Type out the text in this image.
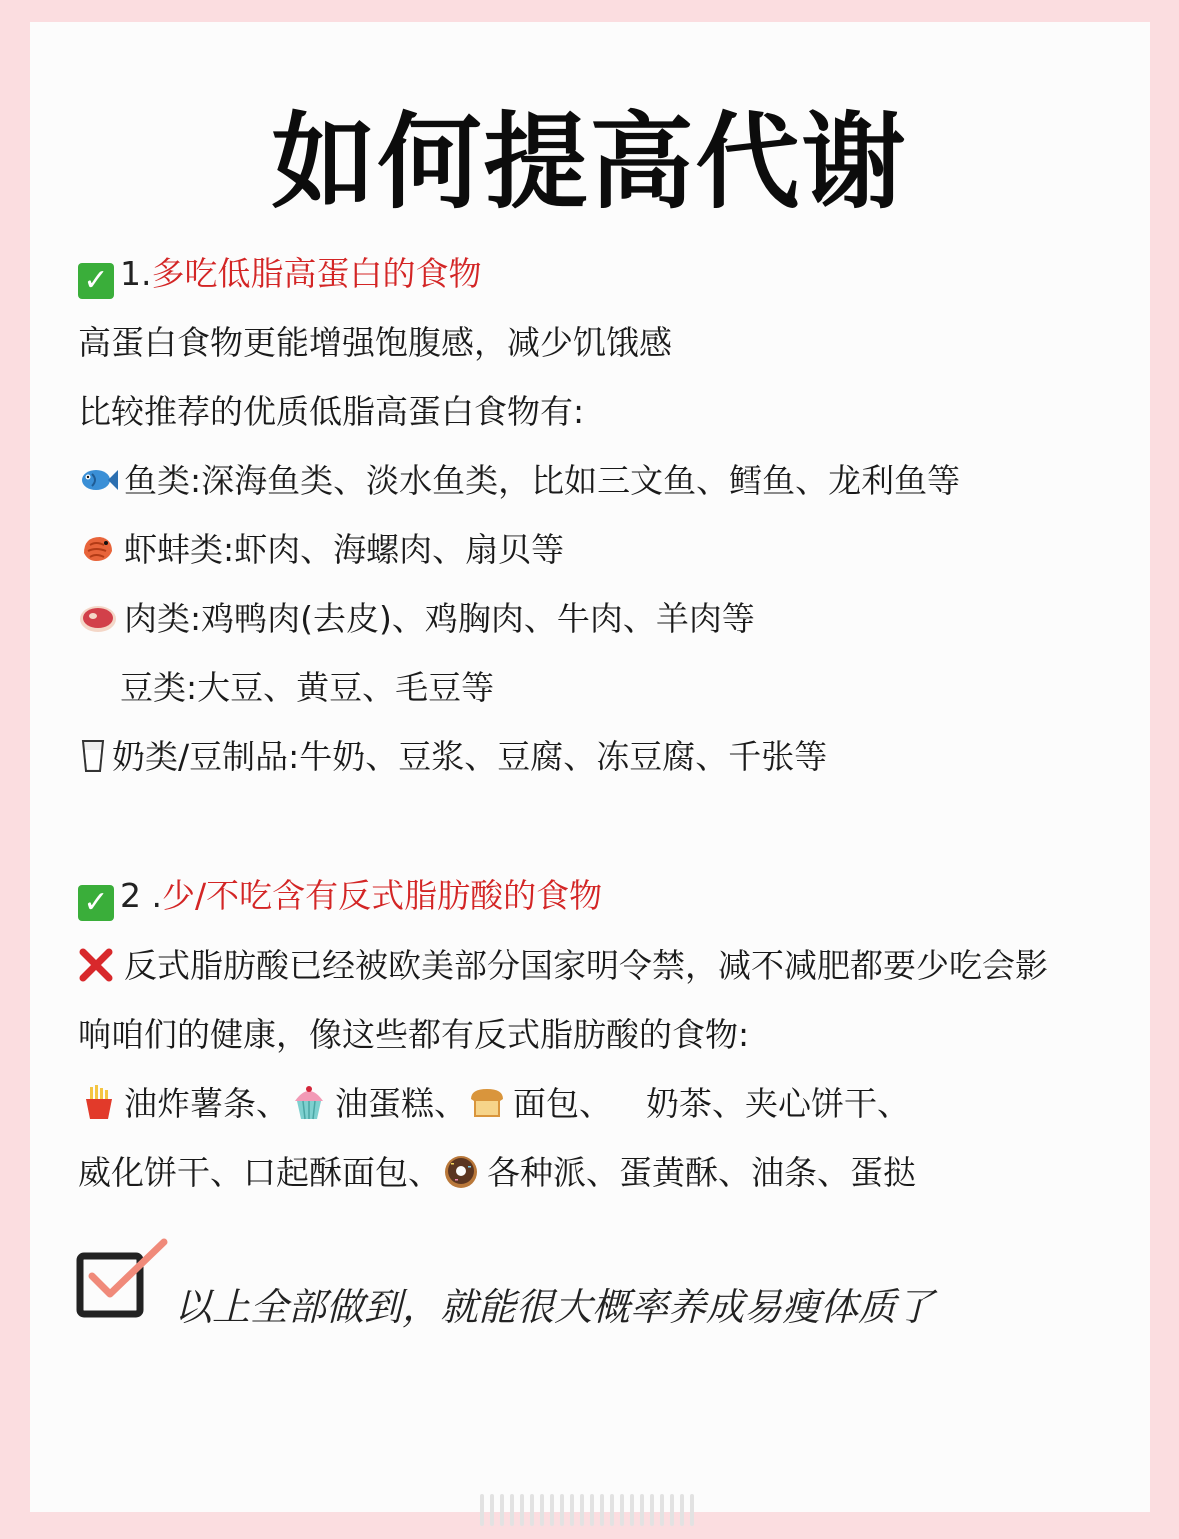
如何提高代谢
✓ 1.多吃低脂高蛋白的食物
高蛋白食物更能增强饱腹感，减少饥饿感
比较推荐的优质低脂高蛋白食物有:
鱼类:深海鱼类、淡水鱼类，比如三文鱼、鳕鱼、龙利鱼等
虾蚌类:虾肉、海螺肉、扇贝等
肉类:鸡鸭肉(去皮)、鸡胸肉、牛肉、羊肉等
豆类:大豆、黄豆、毛豆等
奶类/豆制品:牛奶、豆浆、豆腐、冻豆腐、千张等
✓ 2 .少/不吃含有反式脂肪酸的食物
反式脂肪酸已经被欧美部分国家明令禁，减不减肥都要少吃会影
响咱们的健康，像这些都有反式脂肪酸的食物:
油炸薯条、 油蛋糕、 面包、 奶茶、夹心饼干、
威化饼干、口起酥面包、 各种派、蛋黄酥、油条、蛋挞
以上全部做到，就能很大概率养成易瘦体质了
